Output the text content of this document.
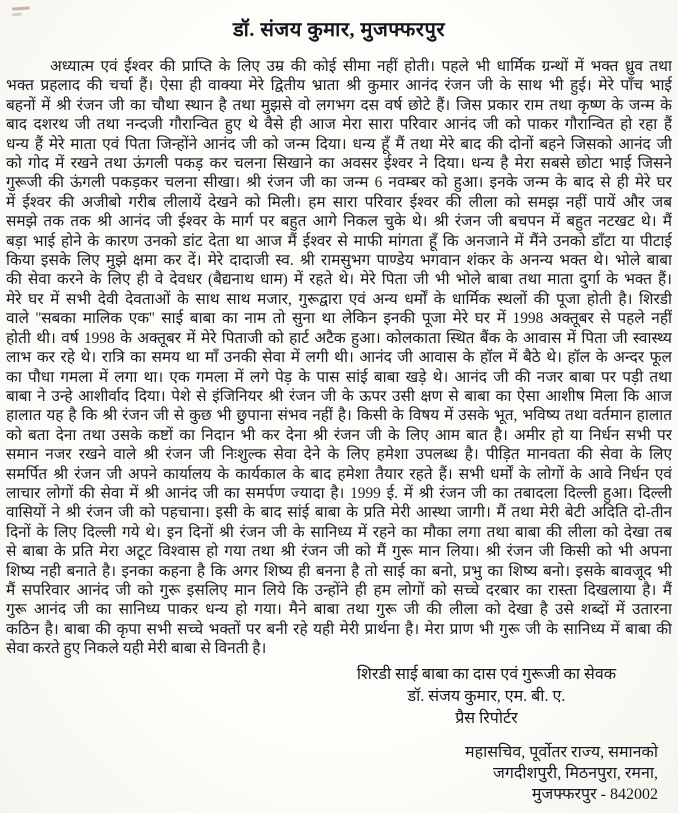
डॉ. संजय कुमार, मुजफ्फरपुर
अध्यात्म एवं ईश्वर की प्राप्ति के लिए उम्र की कोई सीमा नहीं होती। पहले भी धार्मिक ग्रन्थों में भक्त ध्रुव तथा
भक्त प्रहलाद की चर्चा हैं। ऐसा ही वाक्या मेरे द्वितीय भ्राता श्री कुमार आनंद रंजन जी के साथ भी हुई। मेरे पाँच भाई
बहनों में श्री रंजन जी का चौथा स्थान है तथा मुझसे वो लगभग दस वर्ष छोटे हैं। जिस प्रकार राम तथा कृष्ण के जन्म के
बाद दशरथ जी तथा नन्दजी गौरान्वित हुए थे वैसे ही आज मेरा सारा परिवार आनंद जी को पाकर गौरान्वित हो रहा हैं
धन्य हैं मेरे माता एवं पिता जिन्होंने आनंद जी को जन्म दिया। धन्य हूँ मैं तथा मेरे बाद की दोनों बहने जिसको आनंद जी
को गोद में रखने तथा ऊंगली पकड़ कर चलना सिखाने का अवसर ईश्वर ने दिया। धन्य है मेरा सबसे छोटा भाई जिसने
गुरूजी की ऊंगली पकड़कर चलना सीखा। श्री रंजन जी का जन्म 6 नवम्बर को हुआ। इनके जन्म के बाद से ही मेरे घर
में ईश्वर की अजीबो गरीब लीलायें देखने को मिली। हम सारा परिवार ईश्वर की लीला को समझ नहीं पायें और जब
समझे तक तक श्री आनंद जी ईश्वर के मार्ग पर बहुत आगे निकल चुके थे। श्री रंजन जी बचपन में बहुत नटखट थे। मैं
बड़ा भाई होने के कारण उनको डांट देता था आज मैं ईश्वर से माफी मांगता हूँ कि अनजाने में मैंने उनको डाँटा या पीटाई
किया इसके लिए मुझे क्षमा कर दें। मेरे दादाजी स्व. श्री रामसुभग पाण्डेय भगवान शंकर के अनन्य भक्त थे। भोले बाबा
की सेवा करने के लिए ही वे देवधर (बैद्यनाथ धाम) में रहते थे। मेरे पिता जी भी भोले बाबा तथा माता दुर्गा के भक्त हैं।
मेरे घर में सभी देवी देवताओं के साथ साथ मजार, गुरूद्वारा एवं अन्य धर्मों के धार्मिक स्थलों की पूजा होती है। शिरडी
वाले ''सबका मालिक एक'' साई बाबा का नाम तो सुना था लेकिन इनकी पूजा मेरे घर में 1998 अक्तूबर से पहले नहीं
होती थी। वर्ष 1998 के अक्तूबर में मेरे पिताजी को हार्ट अटैक हुआ। कोलकाता स्थित बैंक के आवास में पिता जी स्वास्थ्य
लाभ कर रहे थे। रात्रि का समय था माँ उनकी सेवा में लगी थी। आनंद जी आवास के हॉल में बैठे थे। हॉल के अन्दर फूल
का पौधा गमला में लगा था। एक गमला में लगे पेड़ के पास सांई बाबा खड़े थे। आनंद जी की नजर बाबा पर पड़ी तथा
बाबा ने उन्हे आशीर्वाद दिया। पेशे से इंजिनियर श्री रंजन जी के ऊपर उसी क्षण से बाबा का ऐसा आशीष मिला कि आज
हालात यह है कि श्री रंजन जी से कुछ भी छुपाना संभव नहीं है। किसी के विषय में उसके भूत, भविष्य तथा वर्तमान हालात
को बता देना तथा उसके कष्टों का निदान भी कर देना श्री रंजन जी के लिए आम बात है। अमीर हो या निर्धन सभी पर
समान नजर रखने वाले श्री रंजन जी निःशुल्क सेवा देने के लिए हमेशा उपलब्ध है। पीड़ित मानवता की सेवा के लिए
समर्पित श्री रंजन जी अपने कार्यालय के कार्यकाल के बाद हमेशा तैयार रहते हैं। सभी धर्मों के लोगों के आवे निर्धन एवं
लाचार लोगों की सेवा में श्री आनंद जी का समर्पण ज्यादा है। 1999 ई. में श्री रंजन जी का तबादला दिल्ली हुआ। दिल्ली
वासियों ने श्री रंजन जी को पहचाना। इसी के बाद सांई बाबा के प्रति मेरी आस्था जागी। मैं तथा मेरी बेटी अदिति दो-तीन
दिनों के लिए दिल्ली गये थे। इन दिनों श्री रंजन जी के सानिध्य में रहने का मौका लगा तथा बाबा की लीला को देखा तब
से बाबा के प्रति मेरा अटूट विश्वास हो गया तथा श्री रंजन जी को मैं गुरू मान लिया। श्री रंजन जी किसी को भी अपना
शिष्य नही बनाते है। इनका कहना है कि अगर शिष्य ही बनना है तो साई का बनो, प्रभु का शिष्य बनो। इसके बावजूद भी
मैं सपरिवार आनंद जी को गुरू इसलिए मान लिये कि उन्होंने ही हम लोगों को सच्चे दरबार का रास्ता दिखलाया है। मैं
गुरू आनंद जी का सानिध्य पाकर धन्य हो गया। मैने बाबा तथा गुरू जी की लीला को देखा है उसे शब्दों में उतारना
कठिन है। बाबा की कृपा सभी सच्चे भक्तों पर बनी रहे यही मेरी प्रार्थना है। मेरा प्राण भी गुरू जी के सानिध्य में बाबा की
सेवा करते हुए निकले यही मेरी बाबा से विनती है।
शिरडी साई बाबा का दास एवं गुरूजी का सेवक
डॉ. संजय कुमार, एम. बी. ए.
प्रैस रिपोर्टर
महासचिव, पूर्वोतर राज्य, समानको
जगदीशपुरी, मिठनपुरा, रमना,
मुजफ्फरपुर - 842002
